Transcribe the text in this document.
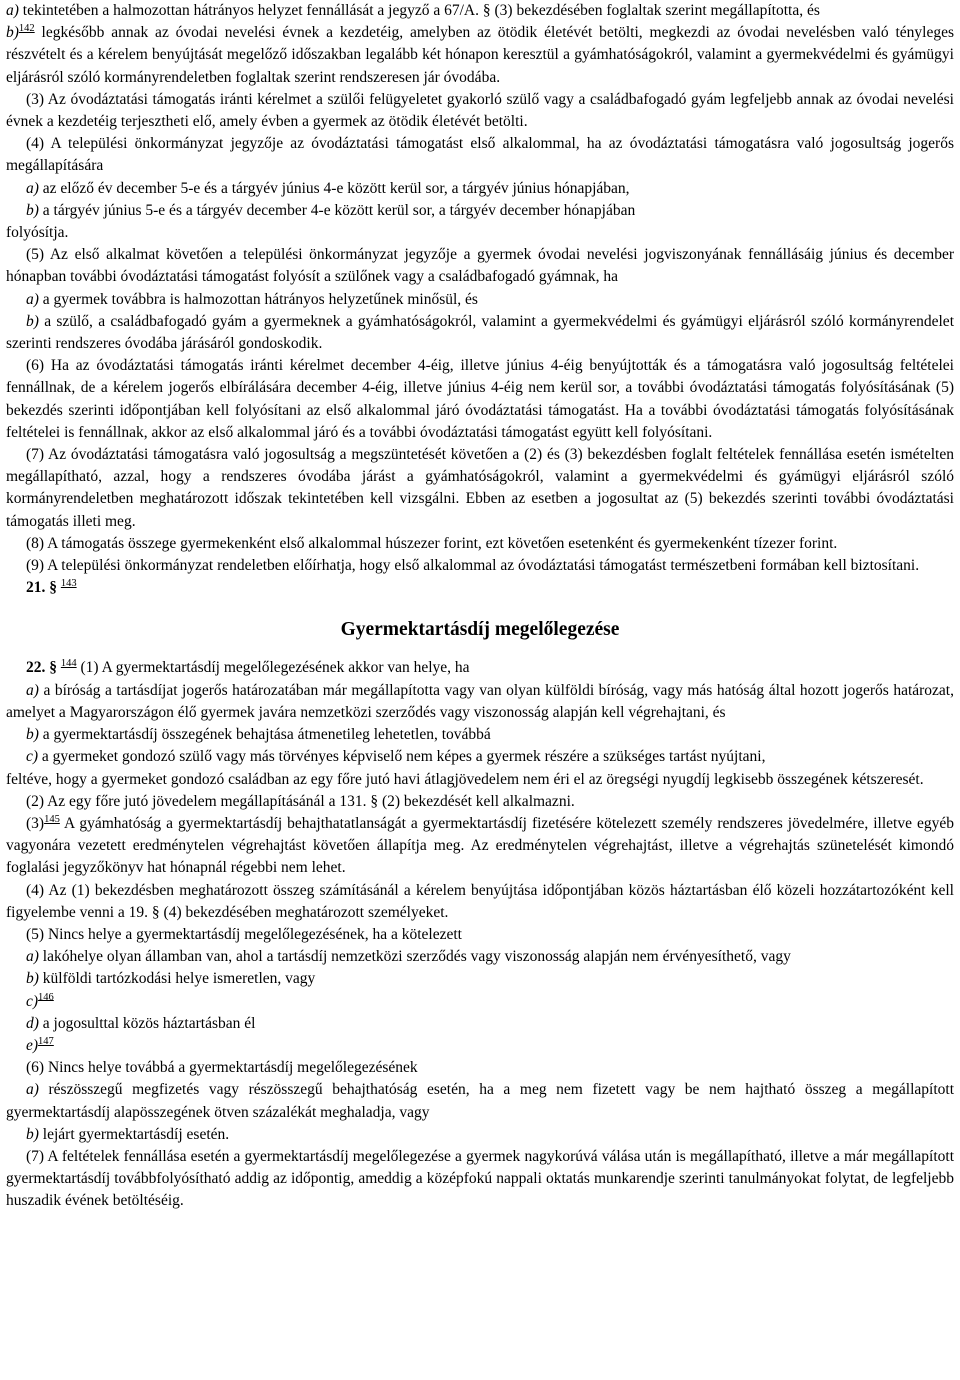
a) tekintetében a halmozottan hátrányos helyzet fennállását a jegyző a 67/A. § (3) bekezdésében foglaltak szerint megállapította, és

b)$^{142}$ legkésőbb annak az óvodai nevelési évnek a kezdetéig, amelyben az ötödik életévét betölti, megkezdi az óvodai nevelésben való tényleges részvételt és a kérelem benyújtását megelőző időszakban legalább két hónapon keresztül a gyámhatóságokról, valamint a gyermekvédelmi és gyámügyi eljárásról szóló kormányrendeletben foglaltak szerint rendszeresen jár óvodába.

(3) Az óvodáztatási támogatás iránti kérelmet a szülői felügyeletet gyakorló szülő vagy a családbafogadó gyám legfeljebb annak az óvodai nevelési évnek a kezdetéig terjesztheti elő, amely évben a gyermek az ötödik életévét betölti.

(4) A települési önkormányzat jegyzője az óvodáztatási támogatást első alkalommal, ha az óvodáztatási támogatásra való jogosultság jogerős megállapítására

a) az előző év december 5-e és a tárgyév június 4-e között kerül sor, a tárgyév június hónapjában,

b) a tárgyév június 5-e és a tárgyév december 4-e között kerül sor, a tárgyév december hónapjában

folyósítja.

(5) Az első alkalmat követően a települési önkormányzat jegyzője a gyermek óvodai nevelési jogviszonyának fennállásáig június és december hónapban további óvodáztatási támogatást folyósít a szülőnek vagy a családbafogadó gyámnak, ha

a) a gyermek továbbra is halmozottan hátrányos helyzetűnek minősül, és

b) a szülő, a családbafogadó gyám a gyermeknek a gyámhatóságokról, valamint a gyermekvédelmi és gyámügyi eljárásról szóló kormányrendelet szerinti rendszeres óvodába járásáról gondoskodik.

(6) Ha az óvodáztatási támogatás iránti kérelmet december 4-éig, illetve június 4-éig benyújtották és a támogatásra való jogosultság feltételei fennállnak, de a kérelem jogerős elbírálására december 4-éig, illetve június 4-éig nem kerül sor, a további óvodáztatási támogatás folyósításának (5) bekezdés szerinti időpontjában kell folyósítani az első alkalommal járó óvodáztatási támogatást. Ha a további óvodáztatási támogatás folyósításának feltételei is fennállnak, akkor az első alkalommal járó és a további óvodáztatási támogatást együtt kell folyósítani.

(7) Az óvodáztatási támogatásra való jogosultság a megszüntetését követően a (2) és (3) bekezdésben foglalt feltételek fennállása esetén ismételten megállapítható, azzal, hogy a rendszeres óvodába járást a gyámhatóságokról, valamint a gyermekvédelmi és gyámügyi eljárásról szóló kormányrendeletben meghatározott időszak tekintetében kell vizsgálni. Ebben az esetben a jogosultat az (5) bekezdés szerinti további óvodáztatási támogatás illeti meg.

(8) A támogatás összege gyermekenként első alkalommal húszezer forint, ezt követően esetenként és gyermekenként tízezer forint.

(9) A települési önkormányzat rendeletben előírhatja, hogy első alkalommal az óvodáztatási támogatást természetbeni formában kell biztosítani.

21. § $^{143}$

Gyermektartásdíj megelőlegezése

22. § $^{144}$ (1) A gyermektartásdíj megelőlegezésének akkor van helye, ha

a) a bíróság a tartásdíjat jogerős határozatában már megállapította vagy van olyan külföldi bíróság, vagy más hatóság által hozott jogerős határozat, amelyet a Magyarországon élő gyermek javára nemzetközi szerződés vagy viszonosság alapján kell végrehajtani, és

b) a gyermektartásdíj összegének behajtása átmenetileg lehetetlen, továbbá

c) a gyermeket gondozó szülő vagy más törvényes képviselő nem képes a gyermek részére a szükséges tartást nyújtani,

feltéve, hogy a gyermeket gondozó családban az egy főre jutó havi átlagjövedelem nem éri el az öregségi nyugdíj legkisebb összegének kétszeresét.

(2) Az egy főre jutó jövedelem megállapításánál a 131. § (2) bekezdését kell alkalmazni.

(3)$^{145}$ A gyámhatóság a gyermektartásdíj behajthatatlanságát a gyermektartásdíj fizetésére kötelezett személy rendszeres jövedelmére, illetve egyéb vagyonára vezetett eredménytelen végrehajtást követően állapítja meg. Az eredménytelen végrehajtást, illetve a végrehajtás szünetelését kimondó foglalási jegyzőkönyv hat hónapnál régebbi nem lehet.

(4) Az (1) bekezdésben meghatározott összeg számításánál a kérelem benyújtása időpontjában közös háztartásban élő közeli hozzátartozóként kell figyelembe venni a 19. § (4) bekezdésében meghatározott személyeket.

(5) Nincs helye a gyermektartásdíj megelőlegezésének, ha a kötelezett

a) lakóhelye olyan államban van, ahol a tartásdíj nemzetközi szerződés vagy viszonosság alapján nem érvényesíthető, vagy

b) külföldi tartózkodási helye ismeretlen, vagy

c)$^{146}$

d) a jogosulttal közös háztartásban él

e)$^{147}$

(6) Nincs helye továbbá a gyermektartásdíj megelőlegezésének

a) részösszegű megfizetés vagy részösszegű behajthatóság esetén, ha a meg nem fizetett vagy be nem hajtható összeg a megállapított gyermektartásdíj alapösszegének ötven százalékát meghaladja, vagy

b) lejárt gyermektartásdíj esetén.

(7) A feltételek fennállása esetén a gyermektartásdíj megelőlegezése a gyermek nagykorúvá válása után is megállapítható, illetve a már megállapított gyermektartásdíj továbbfolyósítható addig az időpontig, ameddig a középfokú nappali oktatás munkarendje szerinti tanulmányokat folytat, de legfeljebb huszadik évének betöltéséig.
